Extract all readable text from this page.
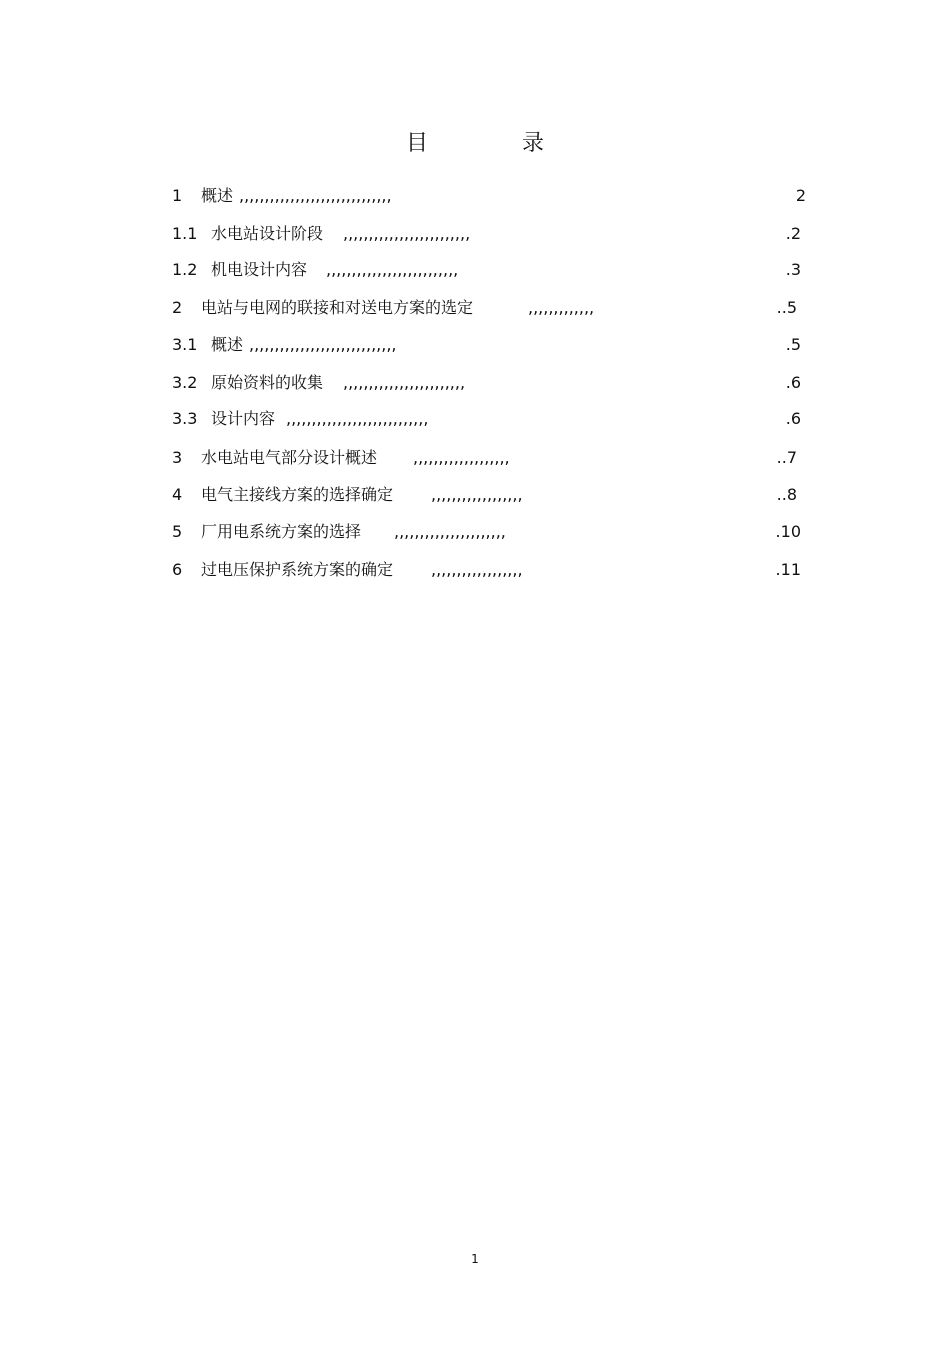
目　录
1 概述 ,,,,,,,,,,,,,,,,,,,,,,,,,,,,,,	2
1.1 水电站设计阶段 ,,,,,,,,,,,,,,,,,,,,,,,,,	.2
1.2 机电设计内容 ,,,,,,,,,,,,,,,,,,,,,,,,,,	.3
2 电站与电网的联接和对送电方案的选定	,,,,,,,,,,,,,	..5
3.1 概述 ,,,,,,,,,,,,,,,,,,,,,,,,,,,,,	.5
3.2 原始资料的收集 ,,,,,,,,,,,,,,,,,,,,,,,,	.6
3.3 设计内容 ,,,,,,,,,,,,,,,,,,,,,,,,,,,,	.6
3 水电站电气部分设计概述 ,,,,,,,,,,,,,,,,,,,	..7
4 电气主接线方案的选择确定 ,,,,,,,,,,,,,,,,,,	..8
5 厂用电系统方案的选择 ,,,,,,,,,,,,,,,,,,,,,,	.10
6 过电压保护系统方案的确定 ,,,,,,,,,,,,,,,,,,	.11
1
